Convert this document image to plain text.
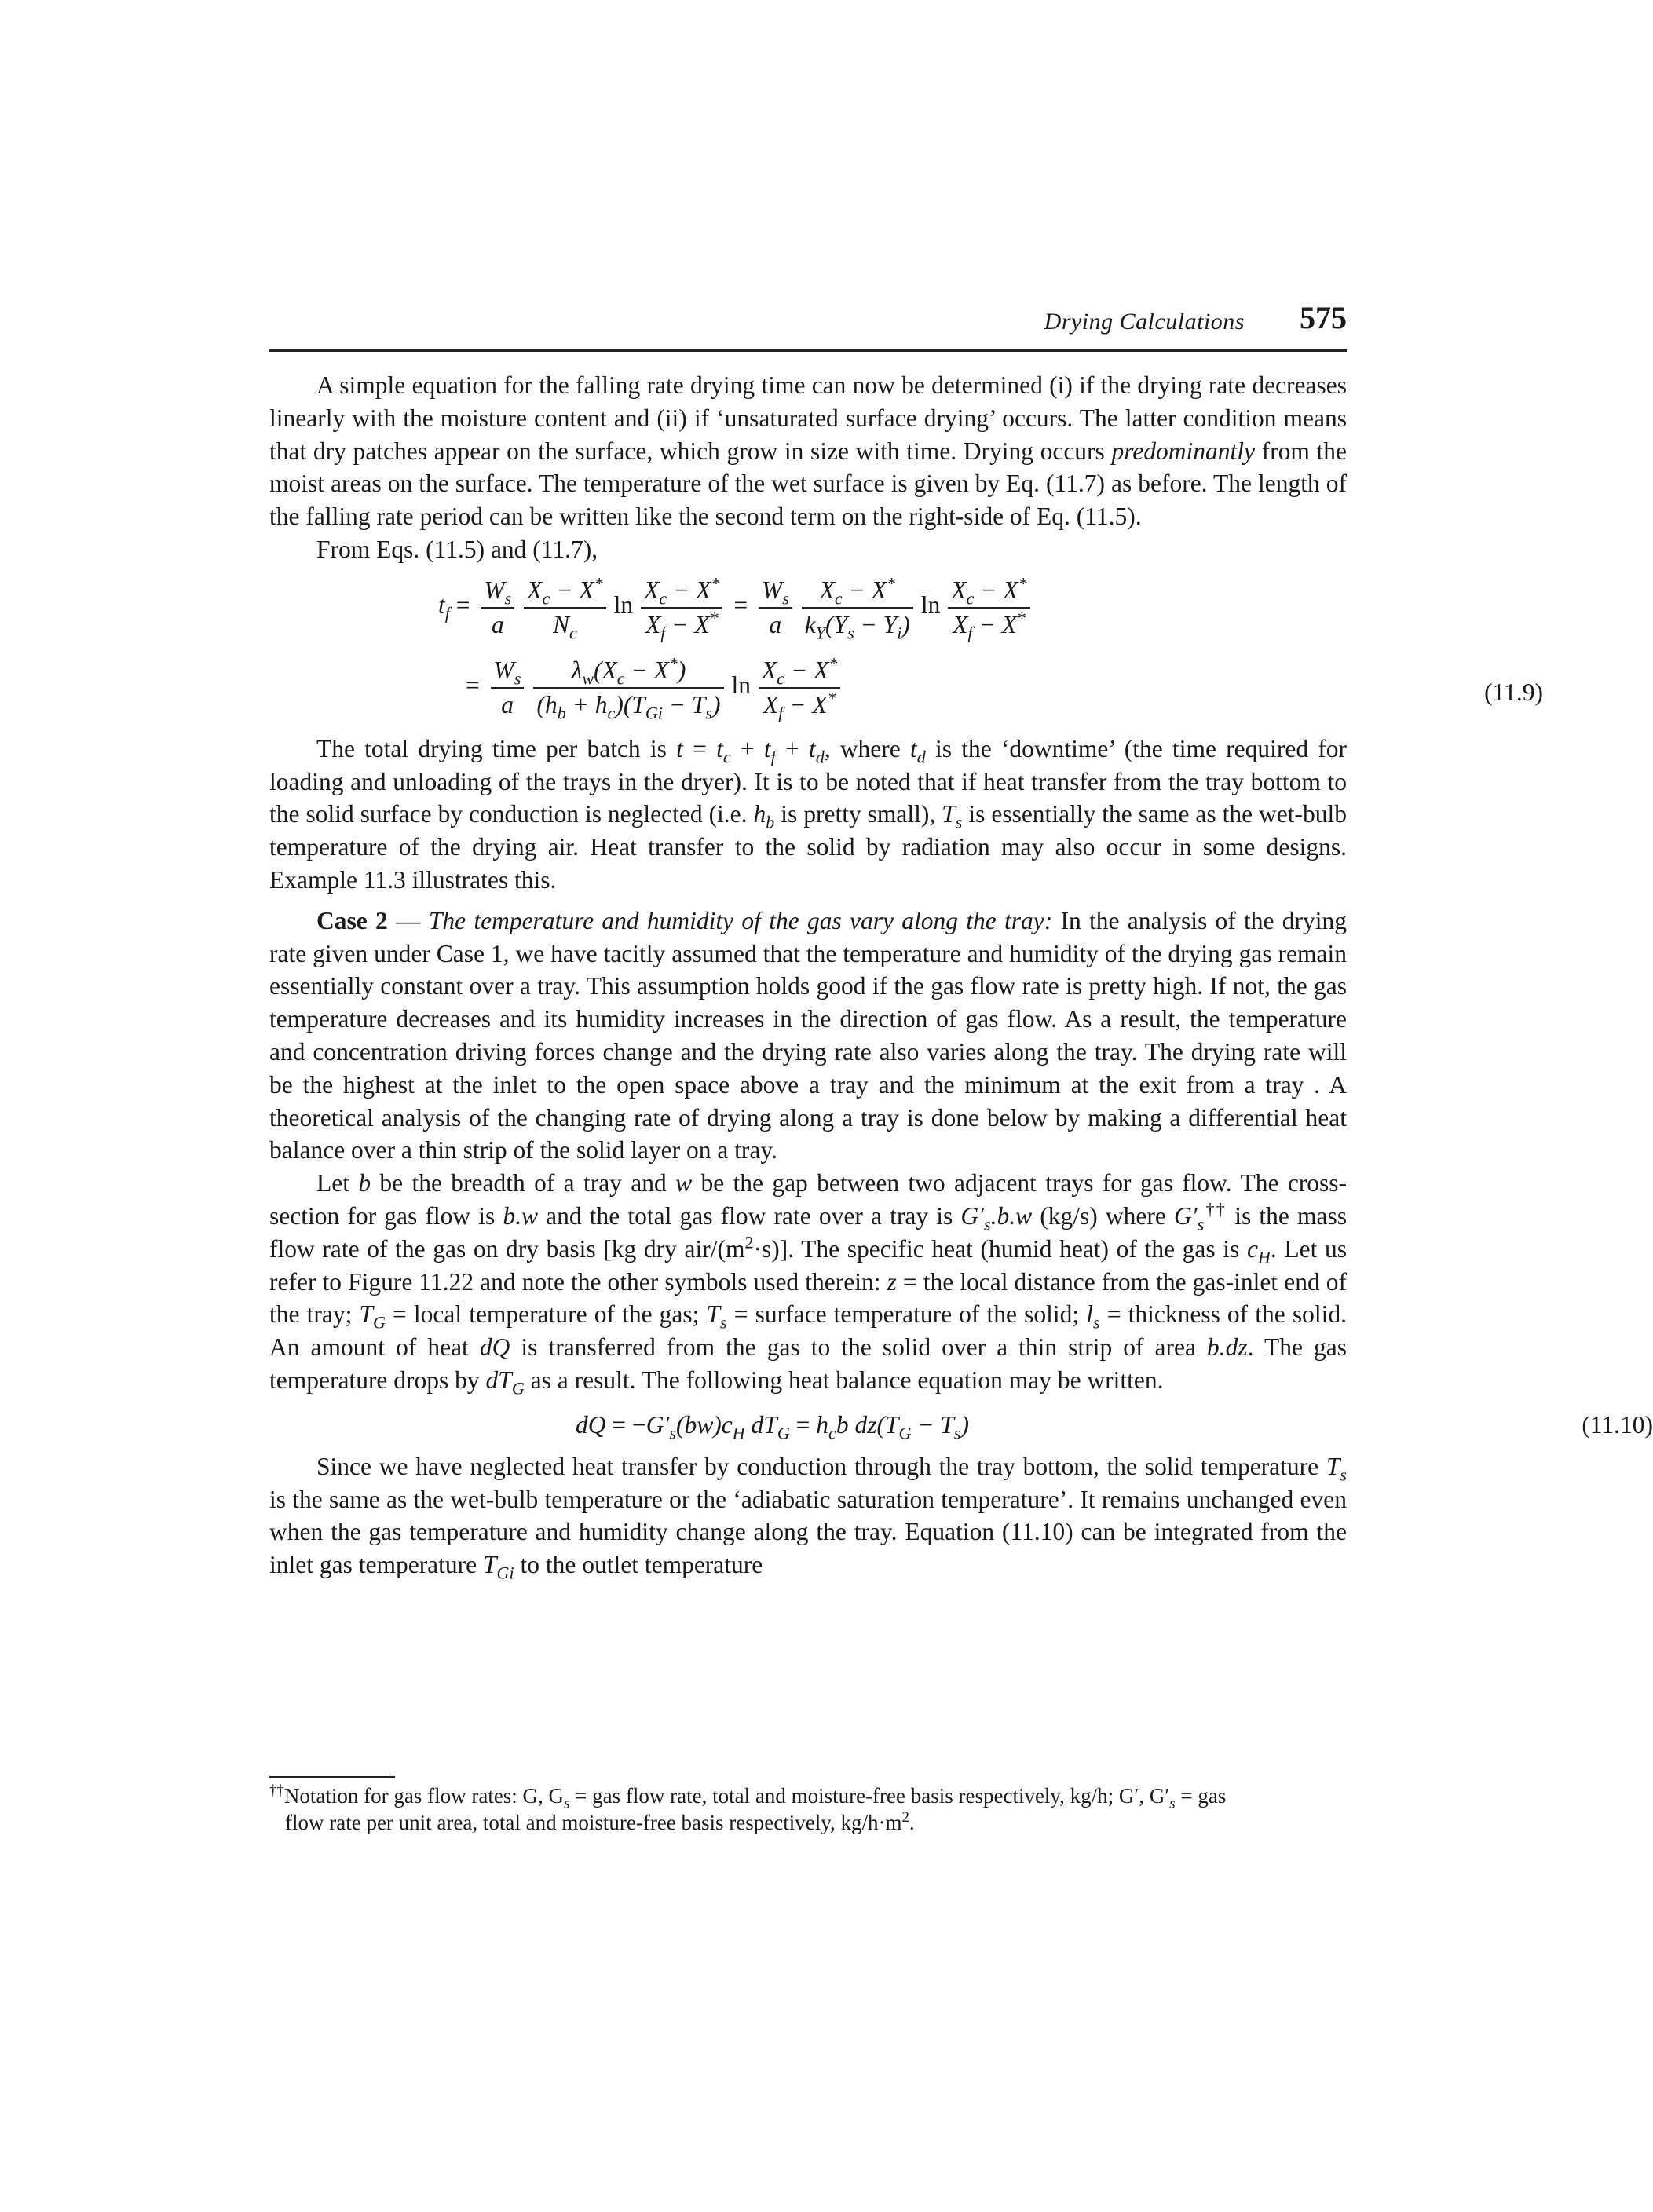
Drying Calculations 575

A simple equation for the falling rate drying time can now be determined (i) if the drying rate decreases linearly with the moisture content and (ii) if ‘unsaturated surface drying’ occurs. The latter condition means that dry patches appear on the surface, which grow in size with time. Drying occurs predominantly from the moist areas on the surface. The temperature of the wet surface is given by Eq. (11.7) as before. The length of the falling rate period can be written like the second term on the right-side of Eq. (11.5).

From Eqs. (11.5) and (11.7),

$t_f = \frac{W_s}{a} \frac{X_c - X^*}{N_c}$ $\ln \frac{X_c - X^*}{X_f - X^*} = \frac{W_s}{a} \frac{X_c - X^*}{k_Y(Y_s - Y_i)}$ $\ln \frac{X_c - X^*}{X_f - X^*}$
= $\frac{W_s}{a} \frac{\lambda_w(X_c - X^*)}{(h_b + h_c)(T_{Gi} - T_s)}$ $\ln \frac{X_c - X^*}{X_f - X^*}$	(11.9)

The total drying time per batch is $t = t_c + t_f + t_d$, where $t_d$ is the ‘downtime’ (the time required for loading and unloading of the trays in the dryer). It is to be noted that if heat transfer from the tray bottom to the solid surface by conduction is neglected (i.e. $h_b$ is pretty small), $T_s$ is essentially the same as the wet-bulb temperature of the drying air. Heat transfer to the solid by radiation may also occur in some designs. Example 11.3 illustrates this.

Case 2 — The temperature and humidity of the gas vary along the tray: In the analysis of the drying rate given under Case 1, we have tacitly assumed that the temperature and humidity of the drying gas remain essentially constant over a tray. This assumption holds good if the gas flow rate is pretty high. If not, the gas temperature decreases and its humidity increases in the direction of gas flow. As a result, the temperature and concentration driving forces change and the drying rate also varies along the tray. The drying rate will be the highest at the inlet to the open space above a tray and the minimum at the exit from a tray . A theoretical analysis of the changing rate of drying along a tray is done below by making a differential heat balance over a thin strip of the solid layer on a tray.

Let b be the breadth of a tray and w be the gap between two adjacent trays for gas flow. The cross-section for gas flow is b.w and the total gas flow rate over a tray is $G'_s.b.w$ (kg/s) where $G'_s^{\dagger\dagger}$ is the mass flow rate of the gas on dry basis [kg dry air/$(m^2\cdot s)$]. The specific heat (humid heat) of the gas is $c_H$. Let us refer to Figure 11.22 and note the other symbols used therein: z = the local distance from the gas-inlet end of the tray; $T_G$ = local temperature of the gas; $T_s$ = surface temperature of the solid; $l_s$ = thickness of the solid. An amount of heat dQ is transferred from the gas to the solid over a thin strip of area b.dz. The gas temperature drops by $dT_G$ as a result. The following heat balance equation may be written.

dQ = $-G'_s(bw)c_H$ $dT_G = h_cb$ $dz(T_G - T_s)$	(11.10)

Since we have neglected heat transfer by conduction through the tray bottom, the solid temperature $T_s$ is the same as the wet-bulb temperature or the ‘adiabatic saturation temperature’. It remains unchanged even when the gas temperature and humidity change along the tray. Equation (11.10) can be integrated from the inlet gas temperature $T_{Gi}$ to the outlet temperature

††Notation for gas flow rates: G, $G_s$ = gas flow rate, total and moisture-free basis respectively, kg/h; G′, $G'_s$ = gas

flow rate per unit area, total and moisture-free basis respectively, $kg/h\cdot m^2$.
